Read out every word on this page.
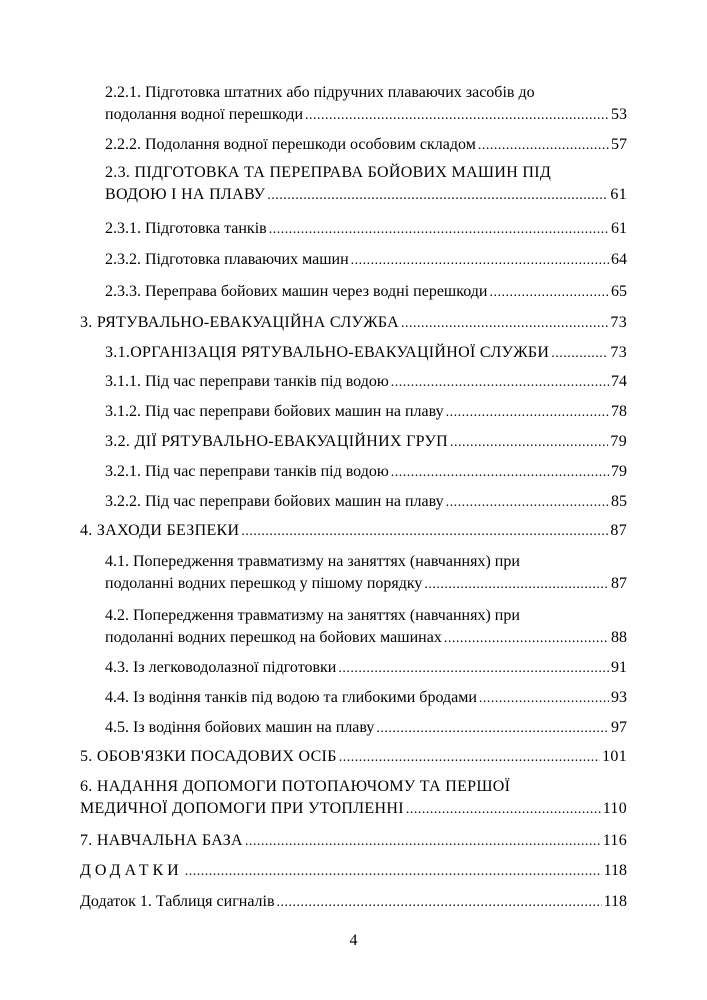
2.2.1. Підготовка штатних або підручних плаваючих засобів до
подолання водної перешкоди .....	53
2.2.2. Подолання водної перешкоди особовим складом .....	57
2.3. ПІДГОТОВКА ТА ПЕРЕПРАВА БОЙОВИХ МАШИН ПІД
ВОДОЮ І НА ПЛАВУ .....	61
2.3.1. Підготовка танків .....	61
2.3.2. Підготовка плаваючих машин .....	64
2.3.3. Переправа бойових машин через водні перешкоди .....	65
3. РЯТУВАЛЬНО-ЕВАКУАЦІЙНА СЛУЖБА .....	73
3.1.ОРГАНІЗАЦІЯ РЯТУВАЛЬНО-ЕВАКУАЦІЙНОЇ СЛУЖБИ .....	73
3.1.1. Під час переправи танків під водою .....	74
3.1.2. Під час переправи бойових машин на плаву .....	78
3.2. ДІЇ РЯТУВАЛЬНО-ЕВАКУАЦІЙНИХ ГРУП .....	79
3.2.1. Під час переправи танків під водою .....	79
3.2.2. Під час переправи бойових машин на плаву .....	85
4. ЗАХОДИ БЕЗПЕКИ .....	87
4.1. Попередження травматизму на заняттях (навчаннях) при
подоланні водних перешкод у пішому порядку .....	87
4.2. Попередження травматизму на заняттях (навчаннях) при
подоланні водних перешкод на бойових машинах .....	88
4.3. Із легководолазної підготовки .....	91
4.4. Із водіння танків під водою та глибокими бродами .....	93
4.5. Із водіння бойових машин на плаву .....	97
5. ОБОВ'ЯЗКИ ПОСАДОВИХ ОСІБ .....	101
6. НАДАННЯ ДОПОМОГИ ПОТОПАЮЧОМУ ТА ПЕРШОЇ
МЕДИЧНОЇ ДОПОМОГИ ПРИ УТОПЛЕННІ .....	110
7. НАВЧАЛЬНА БАЗА .....	116
ДОДАТКИ .....	118
Додаток 1. Таблиця сигналів .....	118
4
